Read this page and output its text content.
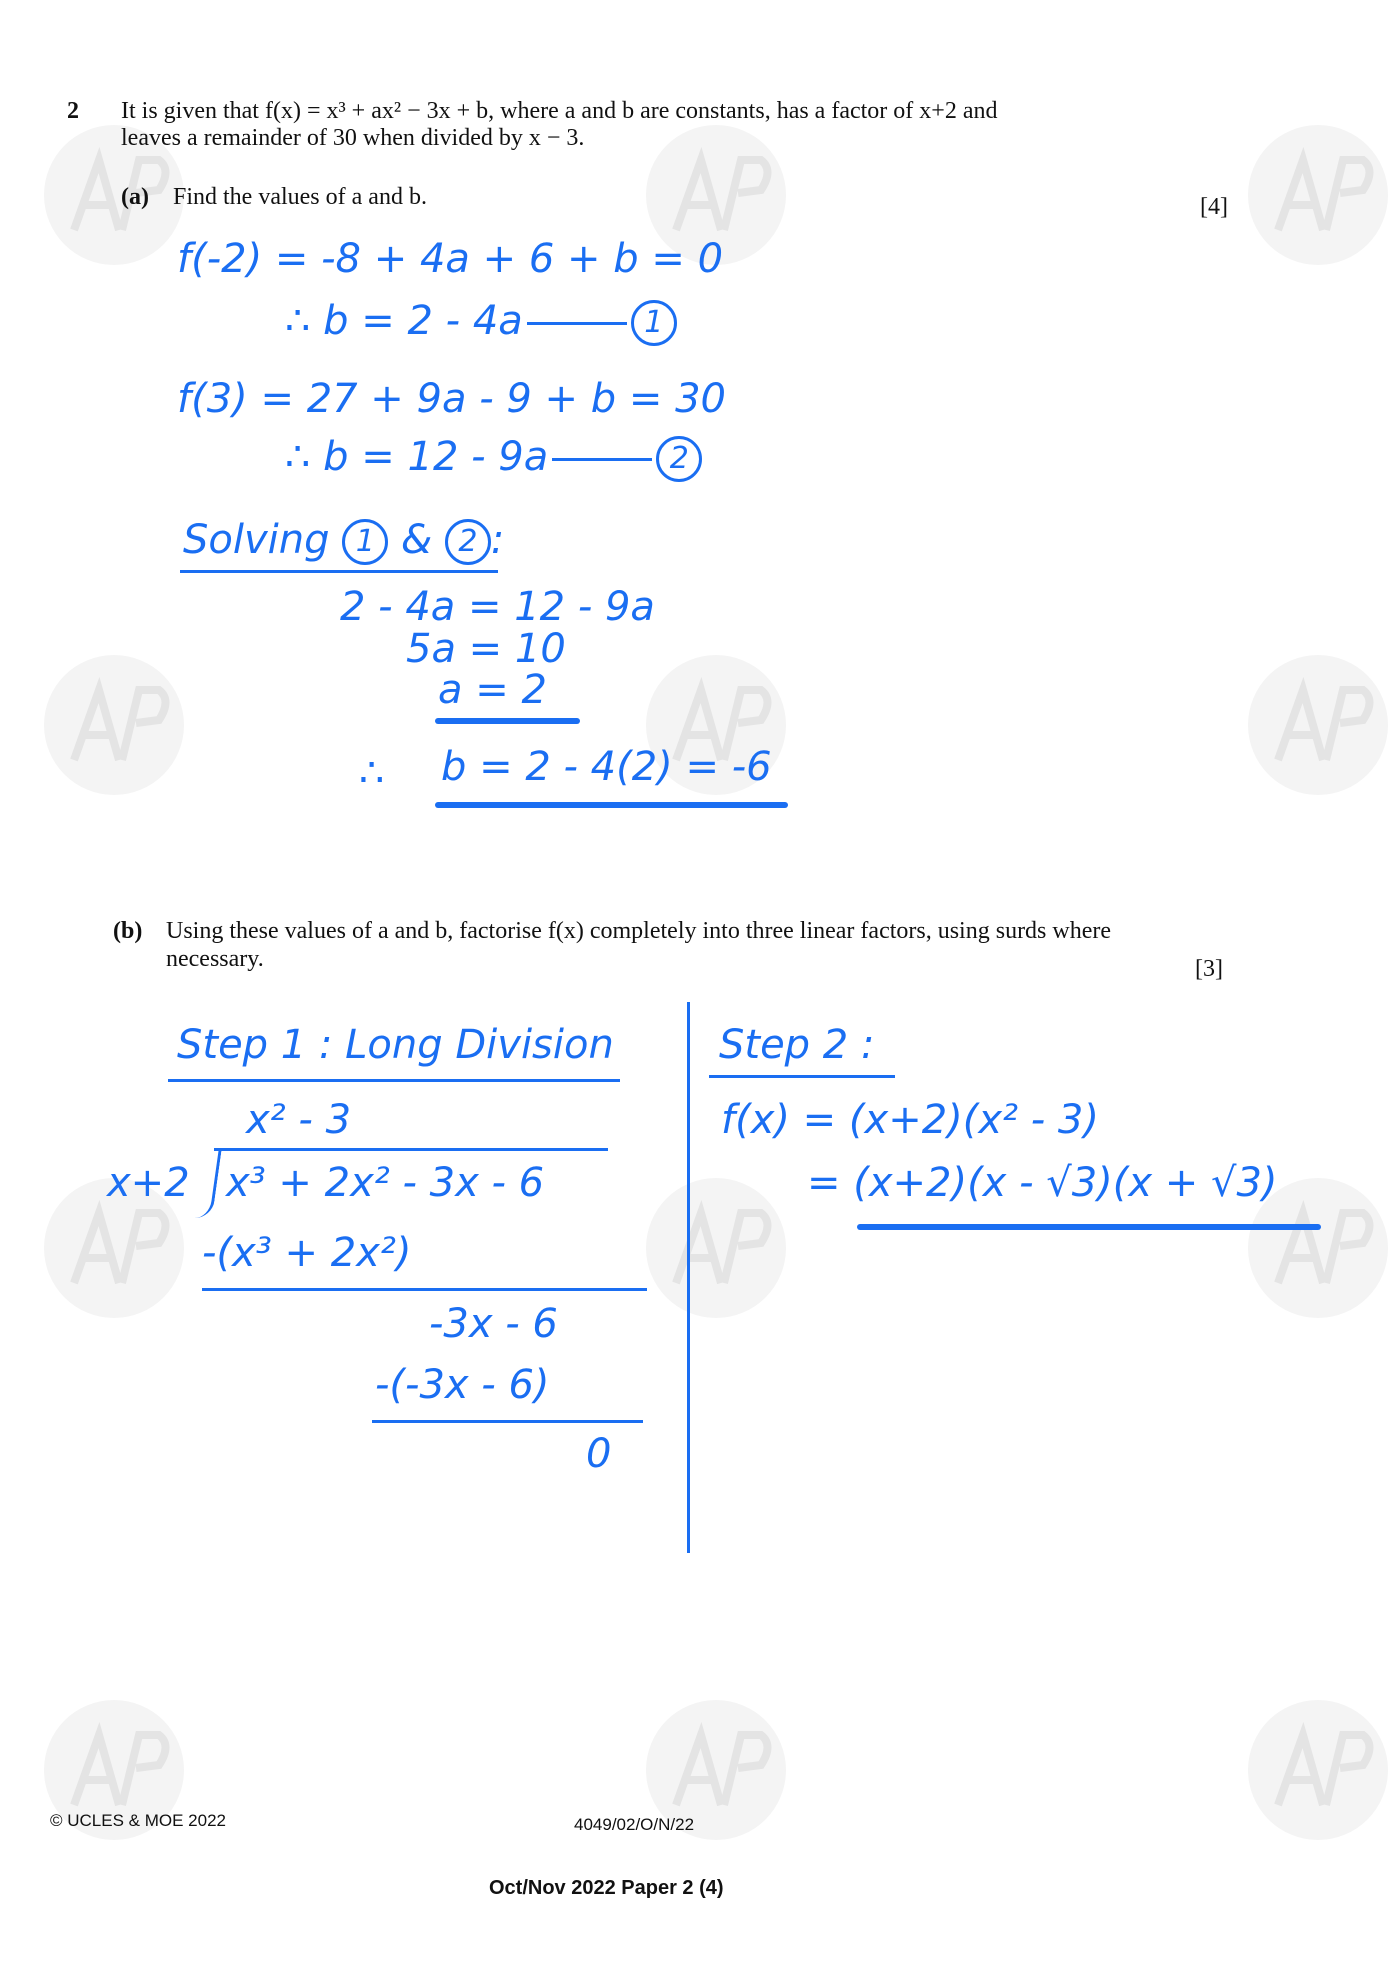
2 It is given that f(x) = x³ + ax² − 3x + b, where a and b are constants, has a factor of x+2 and
leaves a remainder of 30 when divided by x − 3.
(a) Find the values of a and b.	[4]
f(-2) = -8 + 4a + 6 + b = 0
∴ b = 2 - 4a	1
f(3) = 27 + 9a - 9 + b = 30
∴ b = 12 - 9a	2
Solving 1 & 2 :
2 - 4a = 12 - 9a
5a = 10
a = 2
∴ b = 2 - 4(2) = -6
(b) Using these values of a and b, factorise f(x) completely into three linear factors, using surds where
necessary.	[3]
Step 1 : Long Division
x² - 3
x+2 x³ + 2x² - 3x - 6
-(x³ + 2x²)
-3x - 6
-(-3x - 6)
0
Step 2 :
f(x) = (x+2)(x² - 3)
= (x+2)(x - √3)(x + √3)
© UCLES & MOE 2022	4049/02/O/N/22
Oct/Nov 2022 Paper 2 (4)
